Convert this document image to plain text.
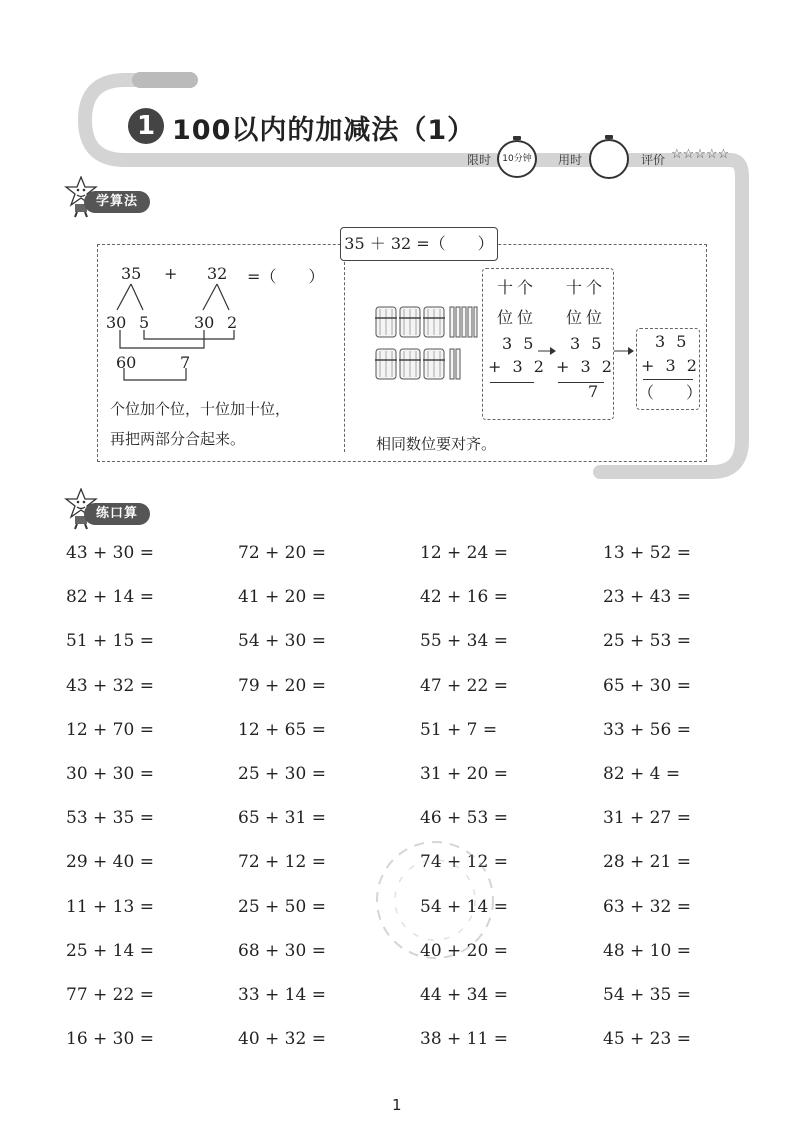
1 100以内的加减法（1）
限时	10分钟	用时	评价 ☆☆☆☆☆
学算法
35 ＋ 32 =（　　）
35 + 32 =（　　）
30 5	30 2
60	7
个位加个位，十位加十位，
再把两部分合起来。
十 个 十 个
位 位 位 位
3 5
+ 3 2
3 5
+ 3 2
7
3 5
+ 3 2
（　　）
相同数位要对齐。
练口算
43 + 30 =	72 + 20 =	12 + 24 =	13 + 52 =
82 + 14 =	41 + 20 =	42 + 16 =	23 + 43 =
51 + 15 =	54 + 30 =	55 + 34 =	25 + 53 =
43 + 32 =	79 + 20 =	47 + 22 =	65 + 30 =
12 + 70 =	12 + 65 =	51 + 7 =	33 + 56 =
30 + 30 =	25 + 30 =	31 + 20 =	82 + 4 =
53 + 35 =	65 + 31 =	46 + 53 =	31 + 27 =
29 + 40 =	72 + 12 =	74 + 12 =	28 + 21 =
11 + 13 =	25 + 50 =	54 + 14 =	63 + 32 =
25 + 14 =	68 + 30 =	40 + 20 =	48 + 10 =
77 + 22 =	33 + 14 =	44 + 34 =	54 + 35 =
16 + 30 =	40 + 32 =	38 + 11 =	45 + 23 =
1
